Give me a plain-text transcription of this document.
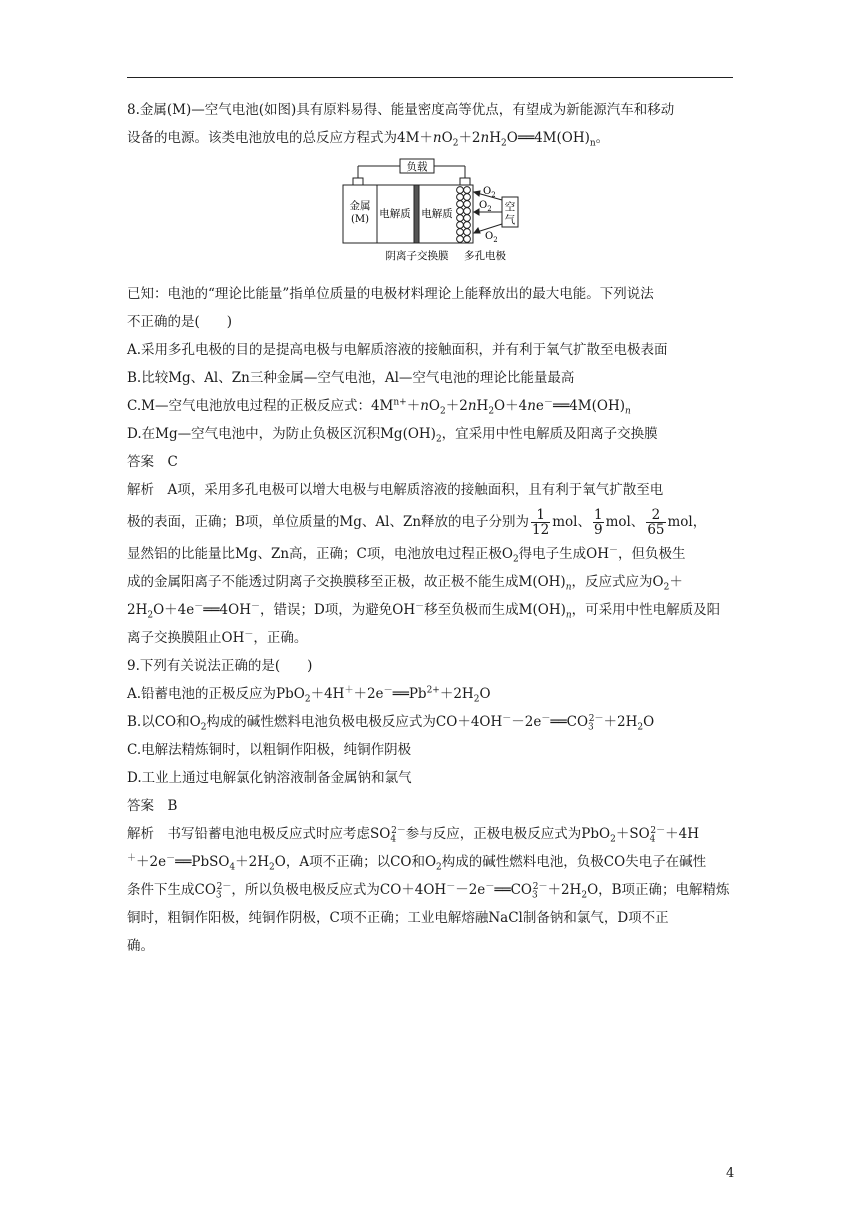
8.金属(M)—空气电池(如图)具有原料易得、能量密度高等优点，有望成为新能源汽车和移动

设备的电源。该类电池放电的总反应方程式为$4M+nO_2+2nH_2O══4M(OH)_n$。

负载
金属
(M) 电解质 电解质
$O_2$
$O_2$
$O_2$
空
气
阴离子交换膜 多孔电极

已知：电池的“理论比能量”指单位质量的电极材料理论上能释放出的最大电能。下列说法

不正确的是(　　)

A.采用多孔电极的目的是提高电极与电解质溶液的接触面积，并有利于氧气扩散至电极表面

B.比较Mg、Al、Zn三种金属—空气电池，Al—空气电池的理论比能量最高

C.M—空气电池放电过程的正极反应式：$4M^{n+}+nO_2+2nH_2O+4ne^-══4M(OH)_n$

D.在Mg—空气电池中，为防止负极区沉积$Mg(OH)_2$，宜采用中性电解质及阳离子交换膜

答案　C

解析　A项，采用多孔电极可以增大电极与电解质溶液的接触面积，且有利于氧气扩散至电

极的表面，正确；B项，单位质量的Mg、Al、Zn释放的电子分别为 $\frac{1}{12}$ mol、 $\frac{1}{9}$ mol、 $\frac{2}{65}$ mol，

显然铝的比能量比Mg、Zn高，正确；C项，电池放电过程正极$O_2$得电子生成OH－，但负极生

成的金属阳离子不能透过阴离子交换膜移至正极，故正极不能生成$M(OH)_n$，反应式应为$O_2+$

$2H_2O+4e^-══4OH^-$，错误；D项，为避免OH－移至负极而生成$M(OH)_n$，可采用中性电解质及阳

离子交换膜阻止OH－，正确。

9.下列有关说法正确的是(　　)

A.铅蓄电池的正极反应为$PbO_2+4H^++2e^-══Pb^{2+}+2H_2O$

B.以CO和$O_2$构成的碱性燃料电池负极电极反应式为$CO+4OH^--2e^-══CO_3^{2-}+2H_2O$

C.电解法精炼铜时，以粗铜作阳极，纯铜作阴极

D.工业上通过电解氯化钠溶液制备金属钠和氯气

答案　B

解析　书写铅蓄电池电极反应式时应考虑$SO_4^{2-}$参与反应，正极电极反应式为$PbO_2+SO_4^{2-}+4H$

$^++2e^-══PbSO_4+2H_2O$，A项不正确；以CO和$O_2$构成的碱性燃料电池，负极CO失电子在碱性

条件下生成$CO_3^{2-}$，所以负极电极反应式为$CO+4OH^--2e^-══CO_3^{2-}+2H_2O$，B项正确；电解精炼

铜时，粗铜作阳极，纯铜作阴极，C项不正确；工业电解熔融NaCl制备钠和氯气，D项不正

确。

4
